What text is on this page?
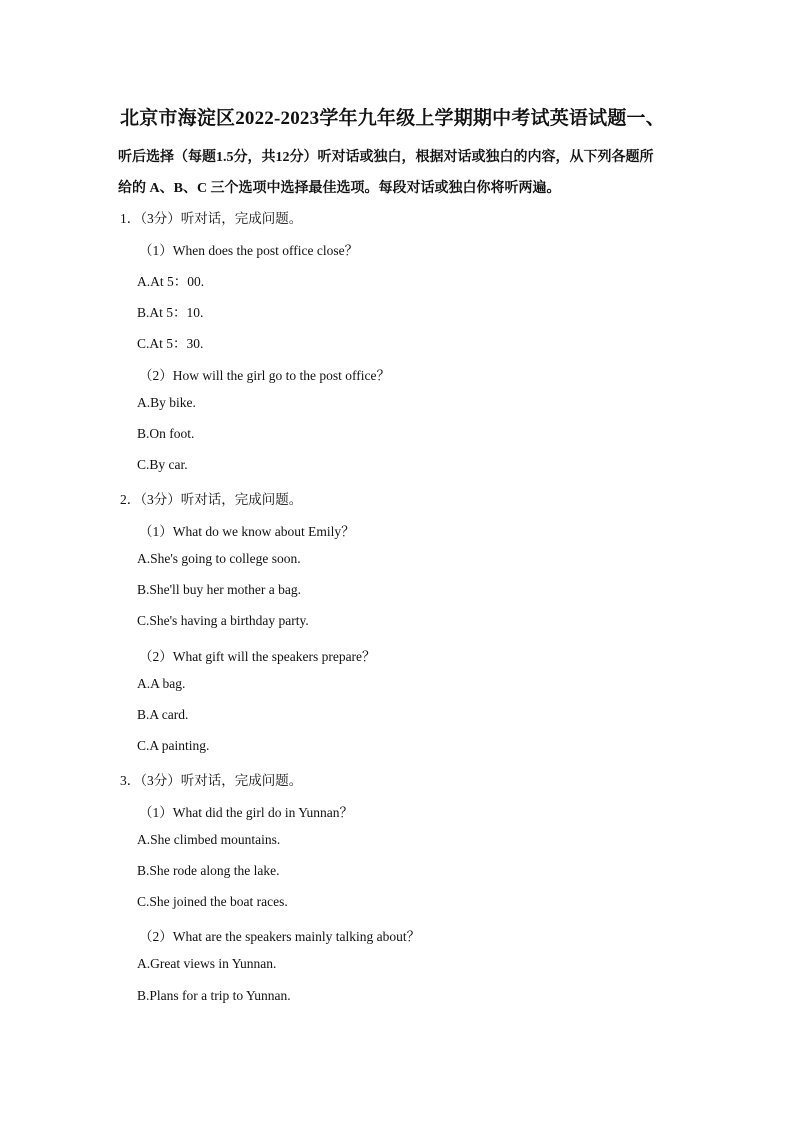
北京市海淀区2022-2023学年九年级上学期期中考试英语试题一、
听后选择（每题1.5分，共12分）听对话或独白，根据对话或独白的内容，从下列各题所
给的 A、B、C 三个选项中选择最佳选项。每段对话或独白你将听两遍。
1．（3分）听对话，完成问题。
（1）When does the post office close？
A.At 5：00.
B.At 5：10.
C.At 5：30.
（2）How will the girl go to the post office？
A.By bike.
B.On foot.
C.By car.
2．（3分）听对话，完成问题。
（1）What do we know about Emily？
A.She's going to college soon.
B.She'll buy her mother a bag.
C.She's having a birthday party.
（2）What gift will the speakers prepare？
A.A bag.
B.A card.
C.A painting.
3．（3分）听对话，完成问题。
（1）What did the girl do in Yunnan？
A.She climbed mountains.
B.She rode along the lake.
C.She joined the boat races.
（2）What are the speakers mainly talking about？
A.Great views in Yunnan.
B.Plans for a trip to Yunnan.
